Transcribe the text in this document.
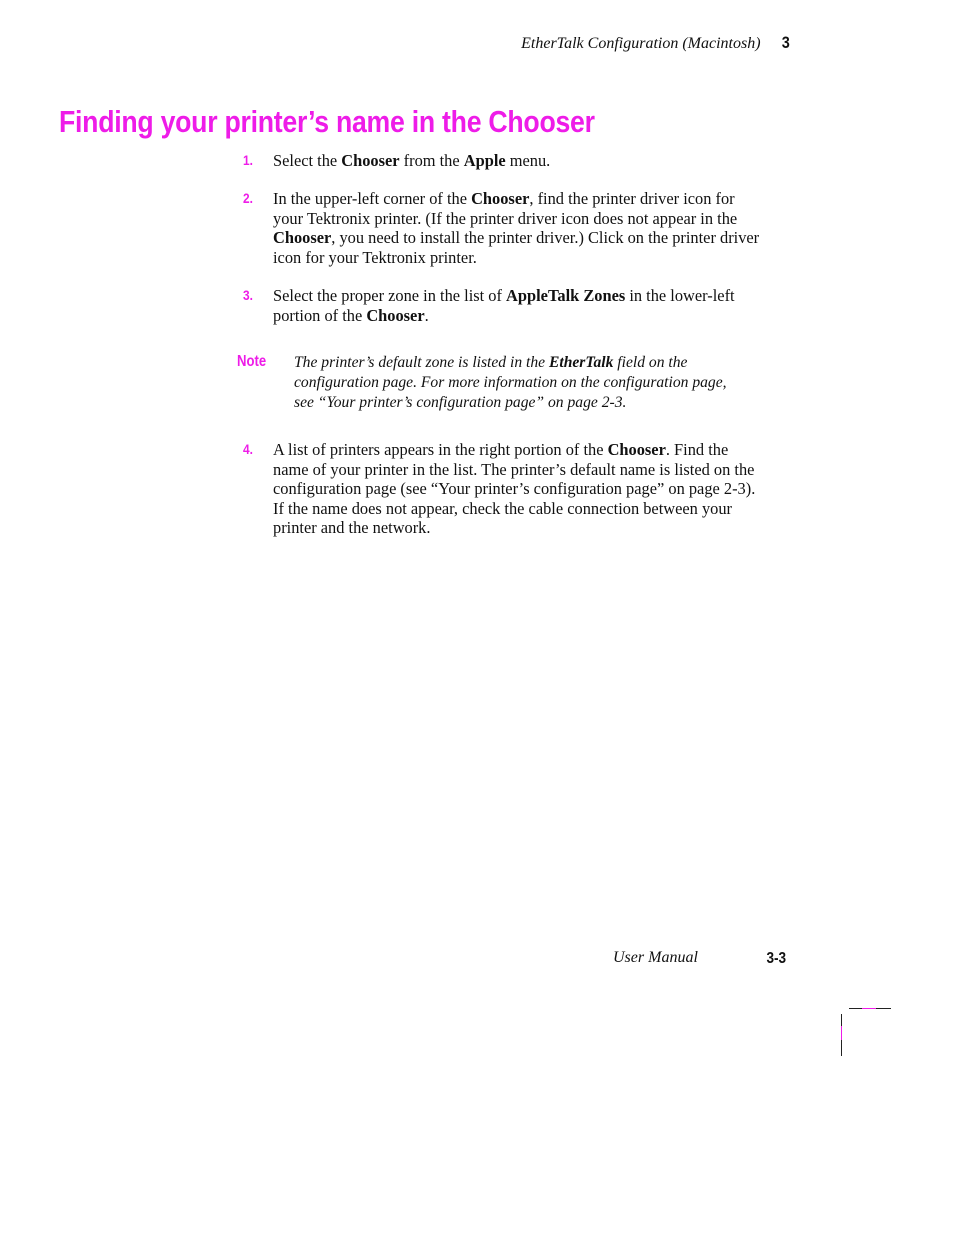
EtherTalk Configuration (Macintosh) 3
Finding your printer’s name in the Chooser
1. Select the Chooser from the Apple menu.
2. In the upper-left corner of the Chooser, find the printer driver icon for your Tektronix printer. (If the printer driver icon does not appear in the Chooser, you need to install the printer driver.) Click on the printer driver icon for your Tektronix printer.
3. Select the proper zone in the list of AppleTalk Zones in the lower-left portion of the Chooser.
Note The printer’s default zone is listed in the EtherTalk field on the configuration page. For more information on the configuration page, see “Your printer’s configuration page” on page 2-3.
4. A list of printers appears in the right portion of the Chooser. Find the name of your printer in the list. The printer’s default name is listed on the configuration page (see “Your printer’s configuration page” on page 2-3). If the name does not appear, check the cable connection between your printer and the network.
User Manual	3-3
